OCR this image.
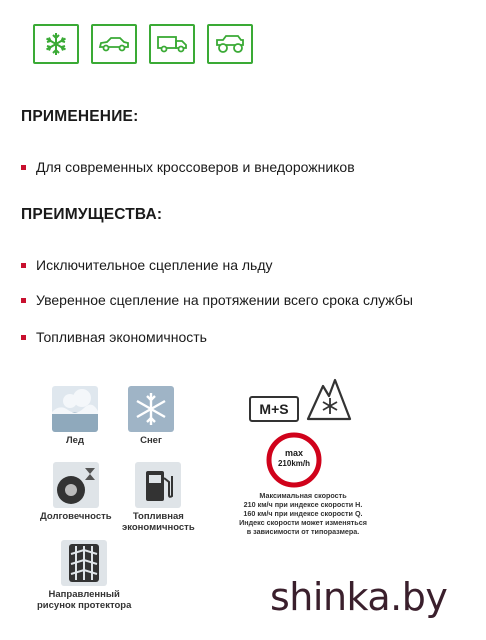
ПРИМЕНЕНИЕ:
Для современных кроссоверов и внедорожников
ПРЕИМУЩЕСТВА:
Исключительное сцепление на льду
Уверенное сцепление на протяжении всего срока службы
Топливная экономичность
Лед	Снег
Долговечность	Топливная
экономичность
Направленный
рисунок протектора
M+S
max
210km/h
Максимальная скорость
210 км/ч при индексе скорости H.
160 км/ч при индексе скорости Q.
Индекс скорости может изменяться
в зависимости от типоразмера.
shinka.by
